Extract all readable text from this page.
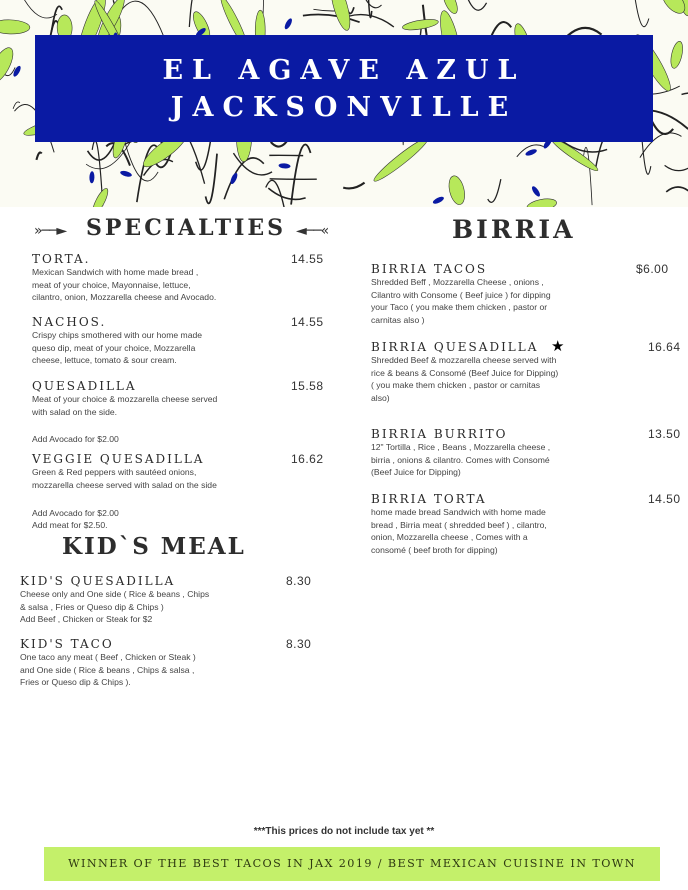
EL AGAVE AZUL
JACKSONVILLE
»──► SPECIALTIES ◄──«
TORTA.
Mexican Sandwich with home made bread ,
meat of your choice, Mayonnaise, lettuce,
cilantro, onion, Mozzarella cheese and Avocado.
14.55
NACHOS.
Crispy chips smothered with our home made
queso dip, meat of your choice, Mozzarella
cheese, lettuce, tomato & sour cream.
14.55
QUESADILLA
Meat of your choice & mozzarella cheese served
with salad on the side.
15.58
Add Avocado for $2.00
VEGGIE QUESADILLA
Green & Red peppers with sautéed onions,
mozzarella cheese served with salad on the side
16.62
Add Avocado for $2.00
Add meat for $2.50.
KID`S MEAL
KID'S QUESADILLA
Cheese only and One side ( Rice & beans , Chips
& salsa , Fries or Queso dip & Chips )
Add Beef , Chicken or Steak for $2
8.30
KID'S TACO
One taco any meat ( Beef , Chicken or Steak )
and One side ( Rice & beans , Chips & salsa ,
Fries or Queso dip & Chips ).
8.30
BIRRIA
BIRRIA TACOS
Shredded Beff , Mozzarella Cheese , onions ,
Cilantro with Consome ( Beef juice ) for dipping
your Taco ( you make them chicken , pastor or
carnitas also )
$6.00
BIRRIA QUESADILLA
Shredded Beef & mozzarella cheese served with
rice & beans & Consomé (Beef Juice for Dipping)
( you make them chicken , pastor or carnitas
also)
★	16.64
BIRRIA BURRITO
12" Tortilla , Rice , Beans , Mozzarella cheese ,
birria , onions & cilantro. Comes with Consomé
(Beef Juice for Dipping)
13.50
BIRRIA TORTA
home made bread Sandwich with home made
bread , Birria meat ( shredded beef ) , cilantro,
onion, Mozzarella cheese , Comes with a
consomé ( beef broth for dipping)
14.50
***This prices do not include tax yet **
WINNER OF THE BEST TACOS IN JAX 2019 / BEST MEXICAN CUISINE IN TOWN
